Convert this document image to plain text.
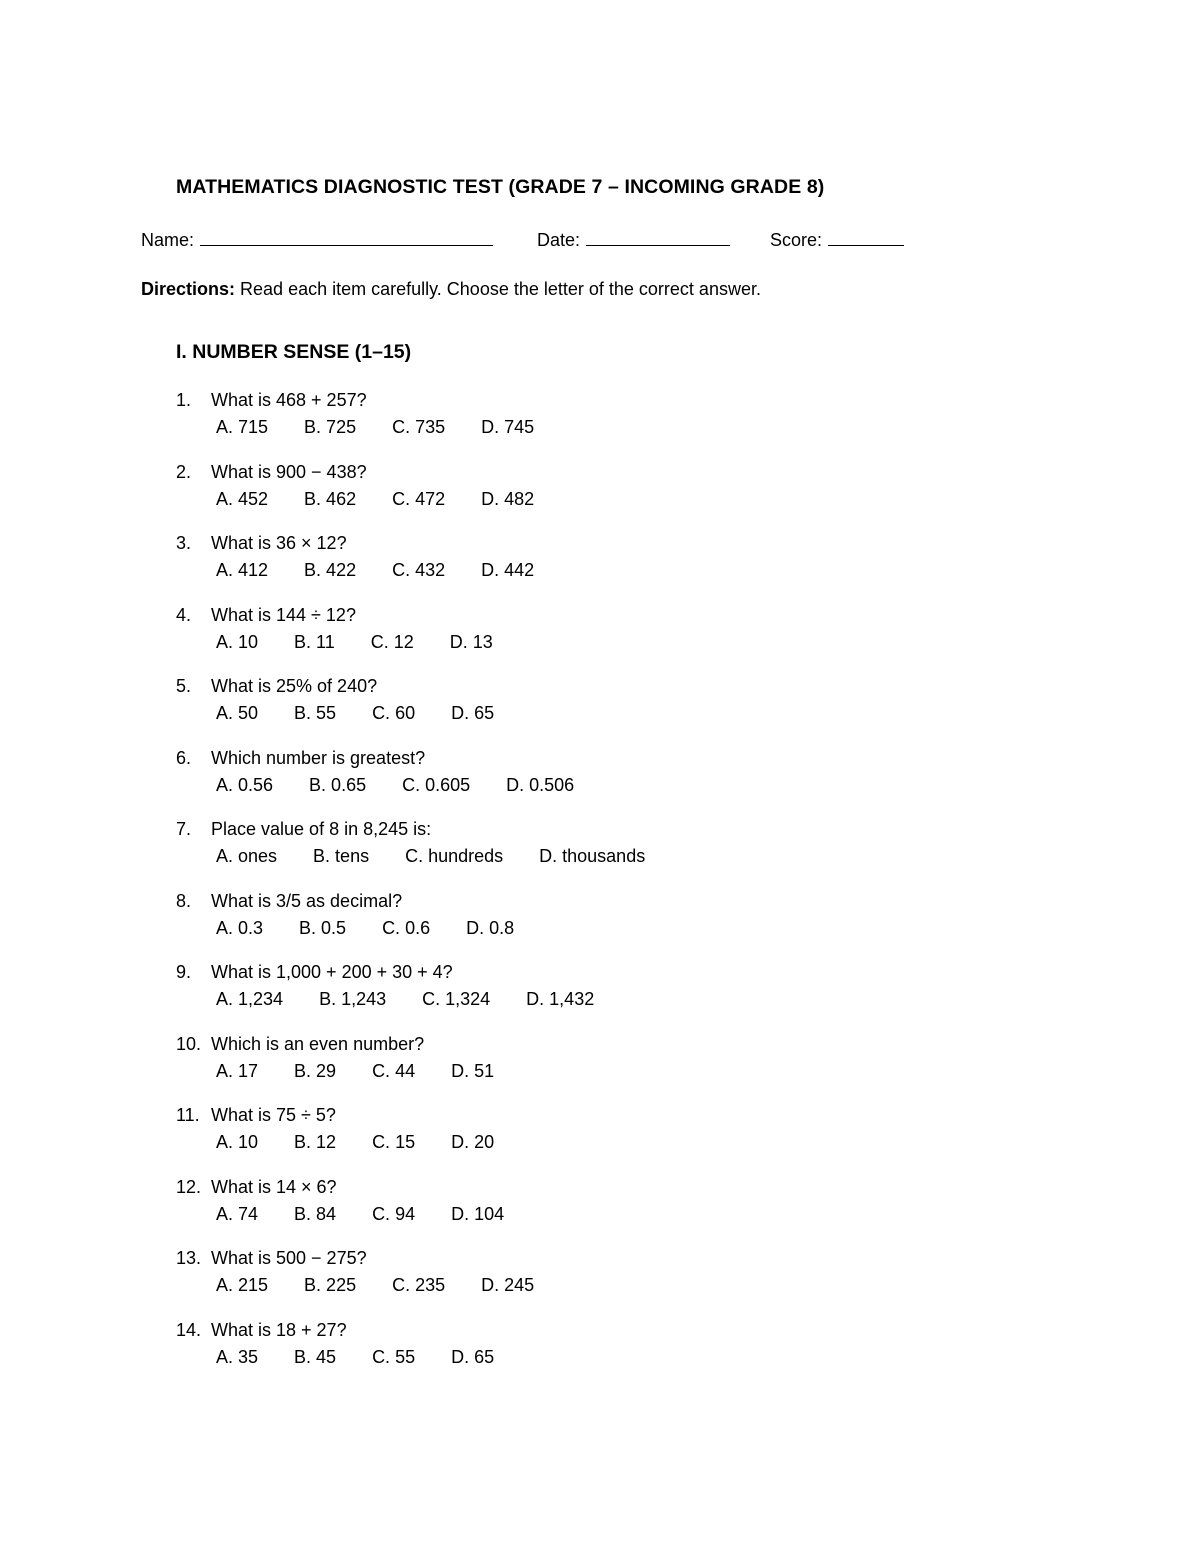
MATHEMATICS DIAGNOSTIC TEST (GRADE 7 – INCOMING GRADE 8)
Name:	Date:	Score:
Directions: Read each item carefully. Choose the letter of the correct answer.
I. NUMBER SENSE (1–15)
1. What is 468 + 257?
A. 715 B. 725 C. 735 D. 745
2. What is 900 − 438?
A. 452 B. 462 C. 472 D. 482
3. What is 36 × 12?
A. 412 B. 422 C. 432 D. 442
4. What is 144 ÷ 12?
A. 10 B. 11 C. 12 D. 13
5. What is 25% of 240?
A. 50 B. 55 C. 60 D. 65
6. Which number is greatest?
A. 0.56 B. 0.65 C. 0.605 D. 0.506
7. Place value of 8 in 8,245 is:
A. ones B. tens C. hundreds D. thousands
8. What is 3/5 as decimal?
A. 0.3 B. 0.5 C. 0.6 D. 0.8
9. What is 1,000 + 200 + 30 + 4?
A. 1,234 B. 1,243 C. 1,324 D. 1,432
10. Which is an even number?
A. 17 B. 29 C. 44 D. 51
11. What is 75 ÷ 5?
A. 10 B. 12 C. 15 D. 20
12. What is 14 × 6?
A. 74 B. 84 C. 94 D. 104
13. What is 500 − 275?
A. 215 B. 225 C. 235 D. 245
14. What is 18 + 27?
A. 35 B. 45 C. 55 D. 65
